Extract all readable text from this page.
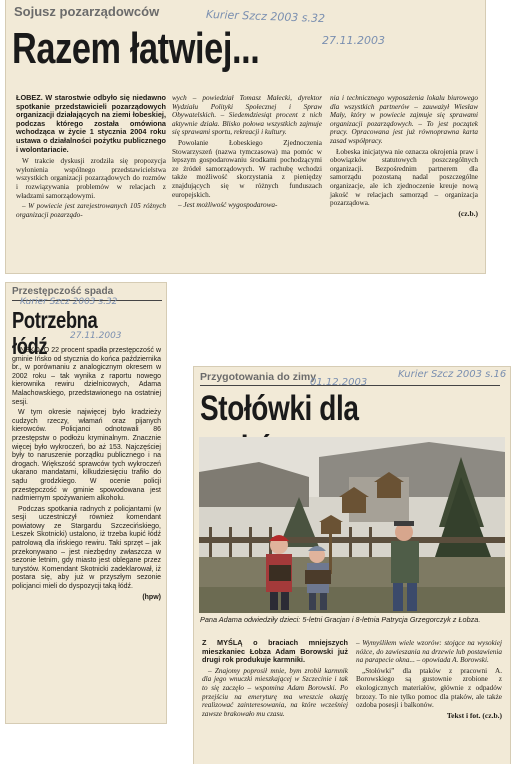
Sojusz pozarządowców	Kurier Szcz 2003 s.32
27.11.2003
Razem łatwiej...
ŁOBEZ. W starostwie odbyło się niedawno spotkanie przedstawicieli pozarządowych organizacji działających na ziemi łobeskiej, podczas którego została omówiona wchodząca w życie 1 stycznia 2004 roku ustawa o działalności pożytku publicznego i wolontariacie.

W trakcie dyskusji zrodziła się propozycja wyłonienia wspólnego przedstawicielstwa wszystkich organizacji pozarządowych do rozmów i rozwiązywania problemów w relacjach z władzami samorządowymi.

– W powiecie jest zarejestrowanych 105 różnych organizacji pozarządo-

wych – powiedział Tomasz Małecki, dyrektor Wydziału Polityki Społecznej i Spraw Obywatelskich. – Siedemdziesiąt procent z nich aktywnie działa. Blisko połowa wszystkich zajmuje się sprawami sportu, rekreacji i kultury.

Powołanie Łobeskiego Zjednoczenia Stowarzyszeń (nazwa tymczasowa) ma pomóc w lepszym gospodarowaniu środkami pochodzącymi ze źródeł samorządowych. W rachubę wchodzi także możliwość skorzystania z pieniędzy znajdujących się w różnych funduszach europejskich.

– Jest możliwość wygospodarowa-

nia i technicznego wyposażenia lokalu biurowego dla wszystkich partnerów – zauważył Wiesław Mały, który w powiecie zajmuje się sprawami organizacji pozarządowych. – To jest początek pracy. Opracowana jest już równoprawna karta zasad współpracy.

Łobeska inicjatywa nie oznacza okrojenia praw i obowiązków statutowych poszczególnych organizacji. Bezpośrednim partnerem dla samorządu pozostaną nadal poszczególne organizacje, ale ich zjednoczenie kreuje nową jakość w relacjach samorząd – organizacja pozarządowa.

(cz.b.)
Przestępczość spada
Kurier Szcz 2003 s.32
Potrzebna łódź	27.11.2003

INSKO. O 22 procent spadła przestępczość w gminie Ińsko od stycznia do końca października br., w porównaniu z analogicznym okresem w 2002 roku – tak wynika z raportu nowego kierownika rewiru dzielnicowych, Adama Malachowskiego, przedstawionego na ostatniej sesji.

W tym okresie najwięcej było kradzieży cudzych rzeczy, włamań oraz pijanych kierowców. Policjanci odnotowali 86 przestępstw o podłożu kryminalnym. Znacznie więcej było wykroczeń, bo aż 153. Najczęściej były to naruszenie porządku publicznego i na drogach. Większość sprawców tych wykroczeń ukarano mandatami, kilkudziesięciu trafiło do sądu grodzkiego. W ocenie policji przestępczość w gminie spowodowana jest nadmiernym spożywaniem alkoholu.

Podczas spotkania radnych z policjantami (w sesji uczestniczył również komendant powiatowy ze Stargardu Szczecińskiego, Leszek Skotnicki) ustalono, iż trzeba kupić łódź patrolową dla ińskiego rewiru. Taki sprzęt – jak przekonywano – jest niezbędny zwłaszcza w sezonie letnim, gdy miasto jest oblegane przez turystów. Komendant Skotnicki zadeklarował, iż postara się, aby już w przyszłym sezonie policjanci mieli do dyspozycji taką łódź.

(hpw)
Przygotowania do zimy
01.12.2003
Kurier Szcz 2003 s.16
Stołówki dla
Pana Adama odwiedziły dzieci: 5-letni Gracjan i 8-letnia Patrycja Grzegorczyk z Łobza.
Z MYŚLĄ o braciach mniejszych mieszkaniec Łobza Adam Borowski już drugi rok produkuje karmniki.

– Znajomy poprosił mnie, bym zrobił karmnik dla jego wnuczki mieszkającej w Szczecinie i tak to się zaczęło – wspomina Adam Borowski. Po przejściu na emeryturę ma wreszcie okazję realizować zainteresowania, na które wcześniej zawsze brakowało mu czasu.

– Wymyśliłem wiele wzorów: stojące na wysokiej nóżce, do zawieszania na drzewie lub postawienia na parapecie okna... – opowiada A. Borowski.

„Stołówki” dla ptaków z pracowni A. Borowskiego są gustownie zrobione z ekologicznych materiałów, głównie z odpadów brzozy. To nie tylko pomoc dla ptaków, ale także ozdoba posesji i balkonów.

Tekst i fot. (cz.b.)
